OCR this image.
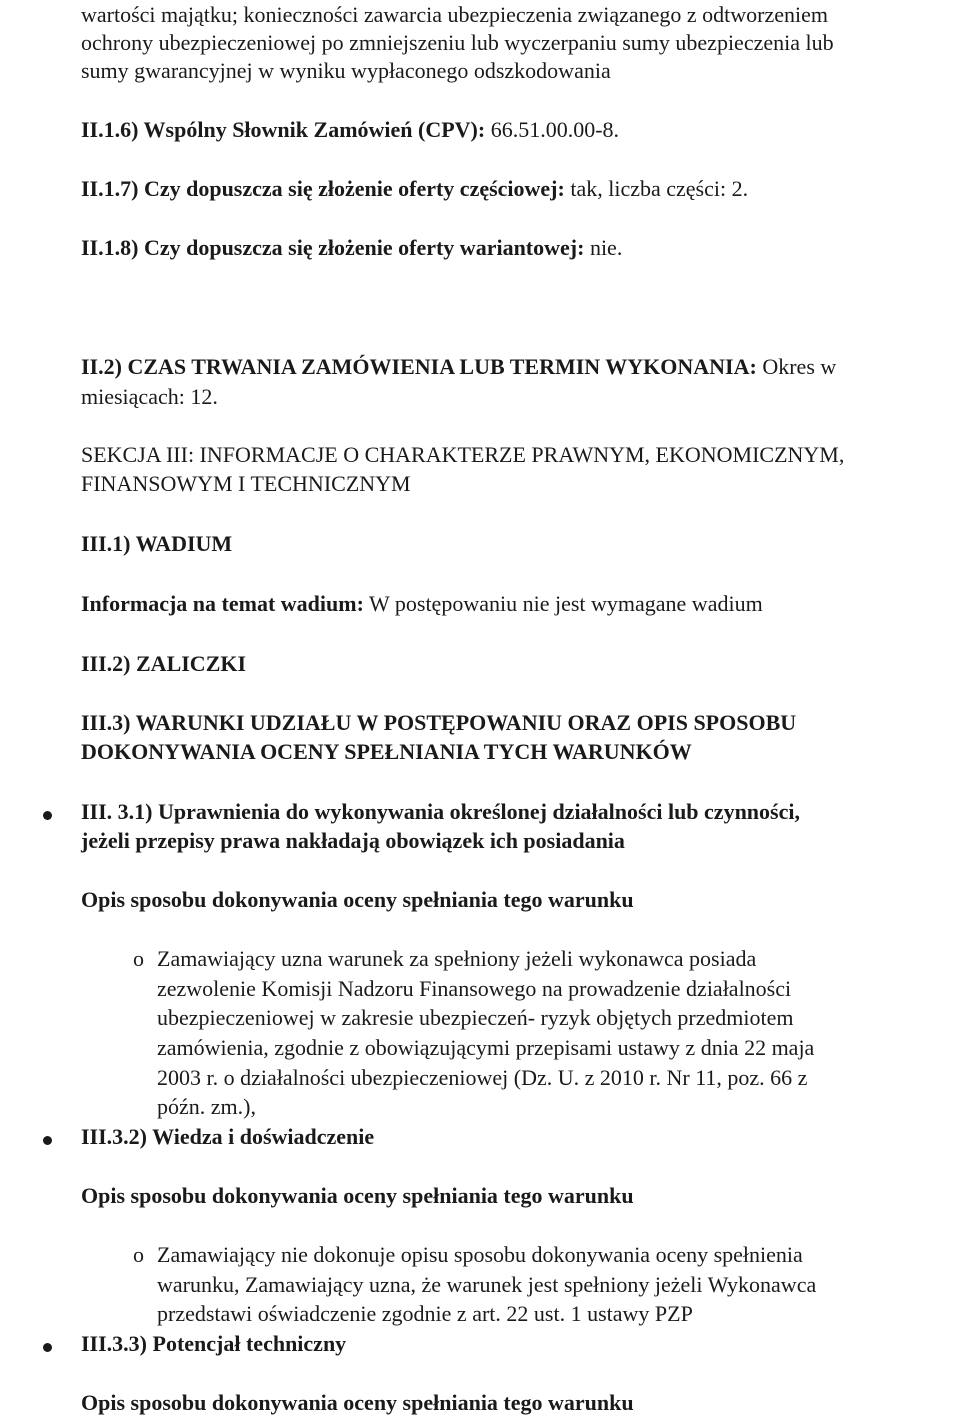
wartości majątku; konieczności zawarcia ubezpieczenia związanego z odtworzeniem
ochrony ubezpieczeniowej po zmniejszeniu lub wyczerpaniu sumy ubezpieczenia lub
sumy gwarancyjnej w wyniku wypłaconego odszkodowania
II.1.6) Wspólny Słownik Zamówień (CPV): 66.51.00.00-8.
II.1.7) Czy dopuszcza się złożenie oferty częściowej: tak, liczba części: 2.
II.1.8) Czy dopuszcza się złożenie oferty wariantowej: nie.
II.2) CZAS TRWANIA ZAMÓWIENIA LUB TERMIN WYKONANIA: Okres w
miesiącach: 12.
SEKCJA III: INFORMACJE O CHARAKTERZE PRAWNYM, EKONOMICZNYM,
FINANSOWYM I TECHNICZNYM
III.1) WADIUM
Informacja na temat wadium: W postępowaniu nie jest wymagane wadium
III.2) ZALICZKI
III.3) WARUNKI UDZIAŁU W POSTĘPOWANIU ORAZ OPIS SPOSOBU
DOKONYWANIA OCENY SPEŁNIANIA TYCH WARUNKÓW
III. 3.1) Uprawnienia do wykonywania określonej działalności lub czynności,
jeżeli przepisy prawa nakładają obowiązek ich posiadania
Opis sposobu dokonywania oceny spełniania tego warunku
o Zamawiający uzna warunek za spełniony jeżeli wykonawca posiada
zezwolenie Komisji Nadzoru Finansowego na prowadzenie działalności
ubezpieczeniowej w zakresie ubezpieczeń- ryzyk objętych przedmiotem
zamówienia, zgodnie z obowiązującymi przepisami ustawy z dnia 22 maja
2003 r. o działalności ubezpieczeniowej (Dz. U. z 2010 r. Nr 11, poz. 66 z
późn. zm.),
III.3.2) Wiedza i doświadczenie
Opis sposobu dokonywania oceny spełniania tego warunku
o Zamawiający nie dokonuje opisu sposobu dokonywania oceny spełnienia
warunku, Zamawiający uzna, że warunek jest spełniony jeżeli Wykonawca
przedstawi oświadczenie zgodnie z art. 22 ust. 1 ustawy PZP
III.3.3) Potencjał techniczny
Opis sposobu dokonywania oceny spełniania tego warunku
